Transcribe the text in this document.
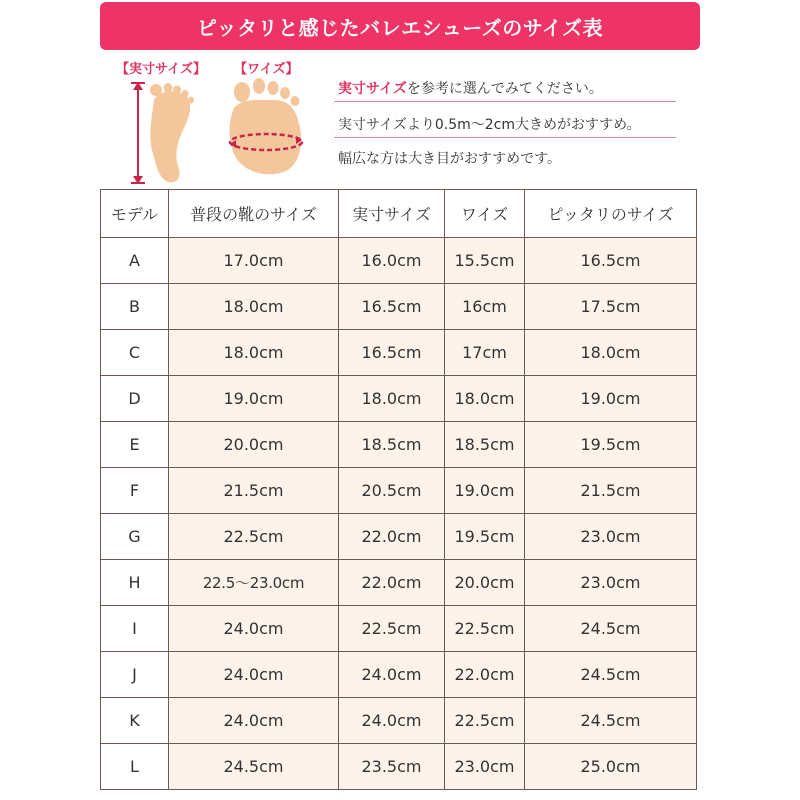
ピッタリと感じたバレエシューズのサイズ表
【実寸サイズ】 【ワイズ】
実寸サイズを参考に選んでみてください。
実寸サイズより0.5m～2cm大きめがおすすめ。
幅広な方は大き目がおすすめです。
モデル	普段の靴のサイズ	実寸サイズ	ワイズ	ピッタリのサイズ
A	17.0cm	16.0cm	15.5cm	16.5cm
B	18.0cm	16.5cm	16cm	17.5cm
C	18.0cm	16.5cm	17cm	18.0cm
D	19.0cm	18.0cm	18.0cm	19.0cm
E	20.0cm	18.5cm	18.5cm	19.5cm
F	21.5cm	20.5cm	19.0cm	21.5cm
G	22.5cm	22.0cm	19.5cm	23.0cm
H	22.5～23.0cm	22.0cm	20.0cm	23.0cm
I	24.0cm	22.5cm	22.5cm	24.5cm
J	24.0cm	24.0cm	22.0cm	24.5cm
K	24.0cm	24.0cm	22.5cm	24.5cm
L	24.5cm	23.5cm	23.0cm	25.0cm
